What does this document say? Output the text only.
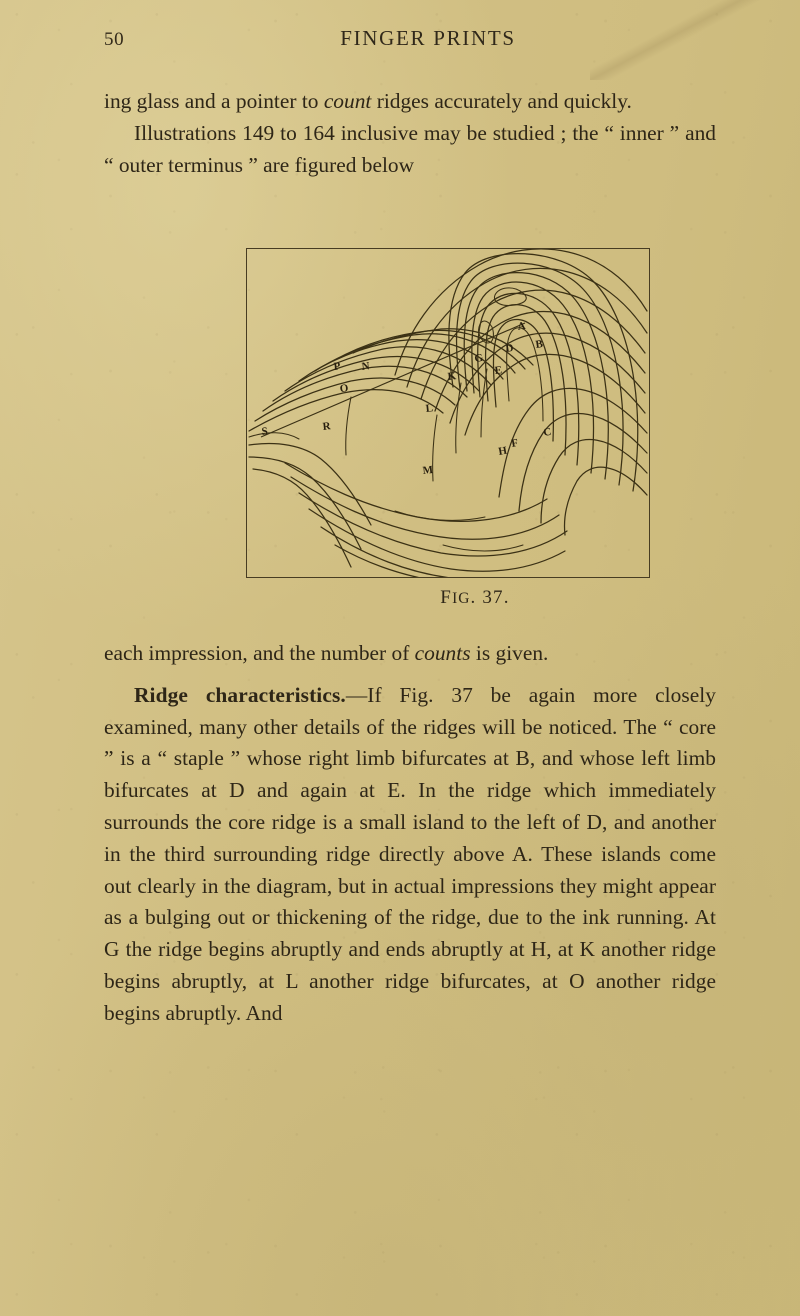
50	FINGER PRINTS

ing glass and a pointer to count ridges accurately and quickly.

Illustrations 149 to 164 inclusive may be studied ; the “ inner ” and “ outer terminus ” are figured below

A
B
C
D
E
F
G
H
K
L
M
N
O
P
R
S
FIG. 37.

each impression, and the number of counts is given.

Ridge characteristics.—If Fig. 37 be again more closely examined, many other details of the ridges will be noticed. The “ core ” is a “ staple ” whose right limb bifurcates at B, and whose left limb bifurcates at D and again at E. In the ridge which immediately surrounds the core ridge is a small island to the left of D, and another in the third surrounding ridge directly above A. These islands come out clearly in the diagram, but in actual impressions they might appear as a bulging out or thickening of the ridge, due to the ink running. At G the ridge begins abruptly and ends abruptly at H, at K another ridge begins abruptly, at L another ridge bifurcates, at O another ridge begins abruptly. And
